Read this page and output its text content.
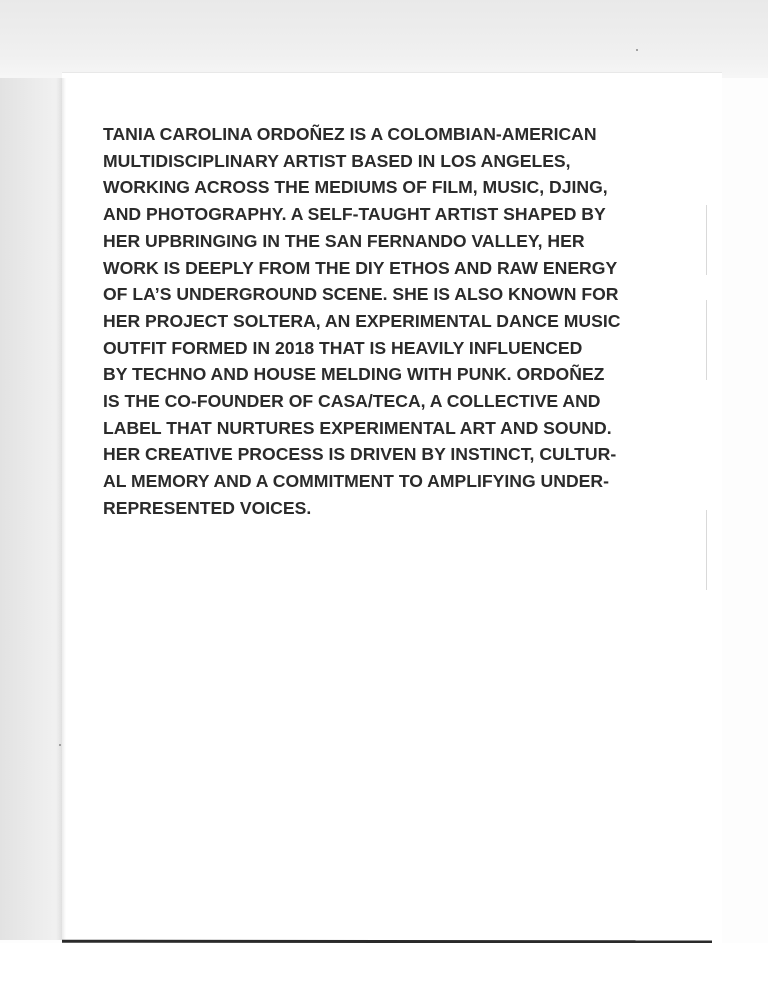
TANIA CAROLINA ORDOÑEZ IS A COLOMBIAN-AMERICAN
MULTIDISCIPLINARY ARTIST BASED IN LOS ANGELES,
WORKING ACROSS THE MEDIUMS OF FILM, MUSIC, DJING,
AND PHOTOGRAPHY. A SELF-TAUGHT ARTIST SHAPED BY
HER UPBRINGING IN THE SAN FERNANDO VALLEY, HER
WORK IS DEEPLY FROM THE DIY ETHOS AND RAW ENERGY
OF LA’S UNDERGROUND SCENE. SHE IS ALSO KNOWN FOR
HER PROJECT SOLTERA, AN EXPERIMENTAL DANCE MUSIC
OUTFIT FORMED IN 2018 THAT IS HEAVILY INFLUENCED
BY TECHNO AND HOUSE MELDING WITH PUNK. ORDOÑEZ
IS THE CO-FOUNDER OF CASA/TECA, A COLLECTIVE AND
LABEL THAT NURTURES EXPERIMENTAL ART AND SOUND.
HER CREATIVE PROCESS IS DRIVEN BY INSTINCT, CULTUR-
AL MEMORY AND A COMMITMENT TO AMPLIFYING UNDER-
REPRESENTED VOICES.
